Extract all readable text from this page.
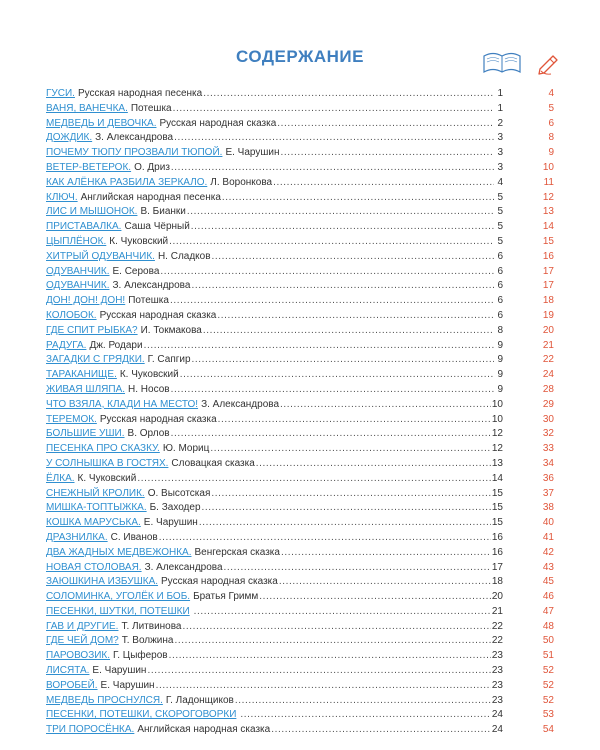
СОДЕРЖАНИЕ
ГУСИ. Русская народная песенка .....	1	4
ВАНЯ, ВАНЕЧКА. Потешка .....	1	5
МЕДВЕДЬ И ДЕВОЧКА. Русская народная сказка .....	2	6
ДОЖДИК. З. Александрова .....	3	8
ПОЧЕМУ ТЮПУ ПРОЗВАЛИ ТЮПОЙ. Е. Чарушин .....	3	9
ВЕТЕР-ВЕТЕРОК. О. Дриз .....	3	10
КАК АЛЁНКА РАЗБИЛА ЗЕРКАЛО. Л. Воронкова .....	4	11
КЛЮЧ. Английская народная песенка .....	5	12
ЛИС И МЫШОНОК. В. Бианки .....	5	13
ПРИСТАВАЛКА. Саша Чёрный .....	5	14
ЦЫПЛЁНОК. К. Чуковский .....	5	15
ХИТРЫЙ ОДУВАНЧИК. Н. Сладков .....	6	16
ОДУВАНЧИК. Е. Серова .....	6	17
ОДУВАНЧИК. З. Александрова .....	6	17
ДОН! ДОН! ДОН! Потешка .....	6	18
КОЛОБОК. Русская народная сказка .....	6	19
ГДЕ СПИТ РЫБКА? И. Токмакова .....	8	20
РАДУГА. Дж. Родари .....	9	21
ЗАГАДКИ С ГРЯДКИ. Г. Сапгир .....	9	22
ТАРАКАНИЩЕ. К. Чуковский .....	9	24
ЖИВАЯ ШЛЯПА. Н. Носов .....	9	28
ЧТО ВЗЯЛА, КЛАДИ НА МЕСТО! З. Александрова .....	10	29
ТЕРЕМОК. Русская народная сказка .....	10	30
БОЛЬШИЕ УШИ. В. Орлов .....	12	32
ПЕСЕНКА ПРО СКАЗКУ. Ю. Мориц .....	12	33
У СОЛНЫШКА В ГОСТЯХ. Словацкая сказка .....	13	34
ЁЛКА. К. Чуковский .....	14	36
СНЕЖНЫЙ КРОЛИК. О. Высотская .....	15	37
МИШКА-ТОПТЫЖКА. Б. Заходер .....	15	38
КОШКА МАРУСЬКА. Е. Чарушин .....	15	40
ДРАЗНИЛКА. С. Иванов .....	16	41
ДВА ЖАДНЫХ МЕДВЕЖОНКА. Венгерская сказка .....	16	42
НОВАЯ СТОЛОВАЯ. З. Александрова .....	17	43
ЗАЮШКИНА ИЗБУШКА. Русская народная сказка .....	18	45
СОЛОМИНКА, УГОЛЁК И БОБ. Братья Гримм .....	20	46
ПЕСЕНКИ, ШУТКИ, ПОТЕШКИ .....	21	47
ГАВ И ДРУГИЕ. Т. Литвинова .....	22	48
ГДЕ ЧЕЙ ДОМ? Т. Волжина .....	22	50
ПАРОВОЗИК. Г. Цыферов .....	23	51
ЛИСЯТА. Е. Чарушин .....	23	52
ВОРОБЕЙ. Е. Чарушин .....	23	52
МЕДВЕДЬ ПРОСНУЛСЯ. Г. Ладонщиков .....	23	52
ПЕСЕНКИ, ПОТЕШКИ, СКОРОГОВОРКИ .....	24	53
ТРИ ПОРОСЁНКА. Английская народная сказка .....	24	54
